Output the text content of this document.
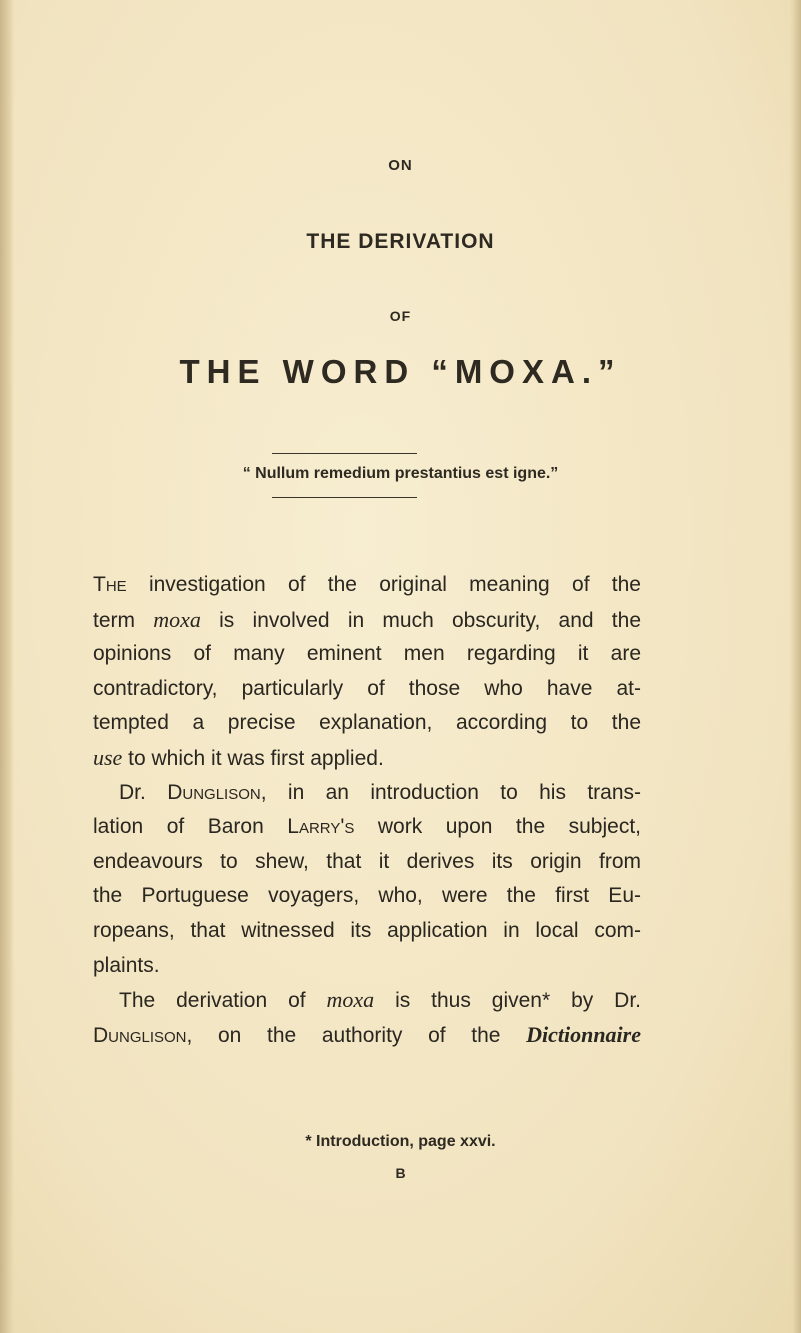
ON
THE DERIVATION
OF
THE WORD “MOXA.”
“ Nullum remedium prestantius est igne.”
The investigation of the original meaning of the
term moxa is involved in much obscurity, and the
opinions of many eminent men regarding it are
contradictory, particularly of those who have at-
tempted a precise explanation, according to the
use to which it was first applied.
Dr. Dunglison, in an introduction to his trans-
lation of Baron Larry's work upon the subject,
endeavours to shew, that it derives its origin from
the Portuguese voyagers, who, were the first Eu-
ropeans, that witnessed its application in local com-
plaints.
The derivation of moxa is thus given* by Dr.
Dunglison, on the authority of the Dictionnaire
* Introduction, page xxvi.
B
